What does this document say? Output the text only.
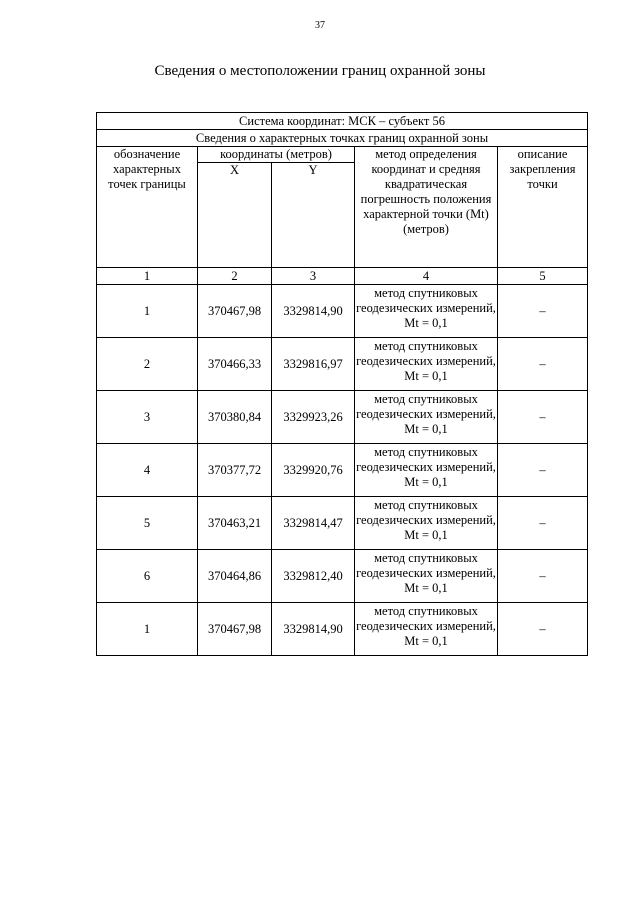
37
Сведения о местоположении границ охранной зоны
Система координат: МСК – субъект 56				
Сведения о характерных точках границ охранной зоны				
обозначение характерных точек границы	координаты (метров)		метод определения координат и средняя квадратическая погрешность положения характерной точки (Mt) (метров)	описание закрепления точки
	X	Y		
1	2	3	4	5
1	370467,98	3329814,90	метод спутниковых геодезических измерений, Mt = 0,1	–
2	370466,33	3329816,97	метод спутниковых геодезических измерений, Mt = 0,1	–
3	370380,84	3329923,26	метод спутниковых геодезических измерений, Mt = 0,1	–
4	370377,72	3329920,76	метод спутниковых геодезических измерений, Mt = 0,1	–
5	370463,21	3329814,47	метод спутниковых геодезических измерений, Mt = 0,1	–
6	370464,86	3329812,40	метод спутниковых геодезических измерений, Mt = 0,1	–
1	370467,98	3329814,90	метод спутниковых геодезических измерений, Mt = 0,1	–
